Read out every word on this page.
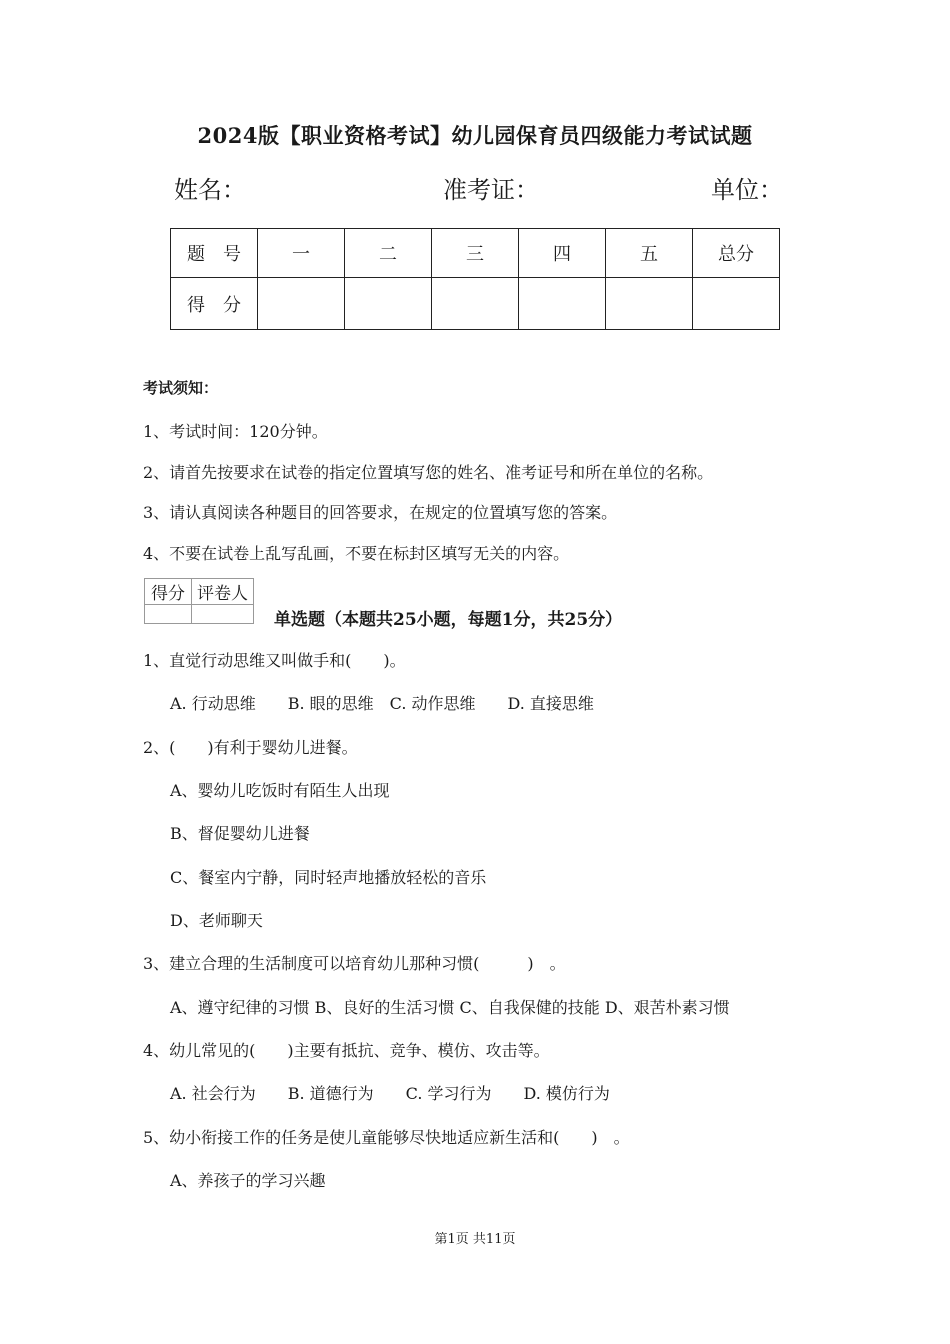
2024版【职业资格考试】幼儿园保育员四级能力考试试题
姓名：	准考证：	单位：
题　号	一	二	三	四	五	总分
得　分						
考试须知：
1、考试时间：120分钟。
2、请首先按要求在试卷的指定位置填写您的姓名、准考证号和所在单位的名称。
3、请认真阅读各种题目的回答要求，在规定的位置填写您的答案。
4、不要在试卷上乱写乱画，不要在标封区填写无关的内容。
得分	评卷人

单选题（本题共25小题，每题1分，共25分）
1、直觉行动思维又叫做手和(　　)。
A. 行动思维　　B. 眼的思维　C. 动作思维　　D. 直接思维
2、(　　)有利于婴幼儿进餐。
A、婴幼儿吃饭时有陌生人出现
B、督促婴幼儿进餐
C、餐室内宁静，同时轻声地播放轻松的音乐
D、老师聊天
3、建立合理的生活制度可以培育幼儿那种习惯(　　　)　。
A、遵守纪律的习惯 B、良好的生活习惯 C、自我保健的技能 D、艰苦朴素习惯
4、幼儿常见的(　　)主要有抵抗、竞争、模仿、攻击等。
A. 社会行为　　B. 道德行为　　C. 学习行为　　D. 模仿行为
5、幼小衔接工作的任务是使儿童能够尽快地适应新生活和(　　)　。
A、养孩子的学习兴趣
第1页 共11页
